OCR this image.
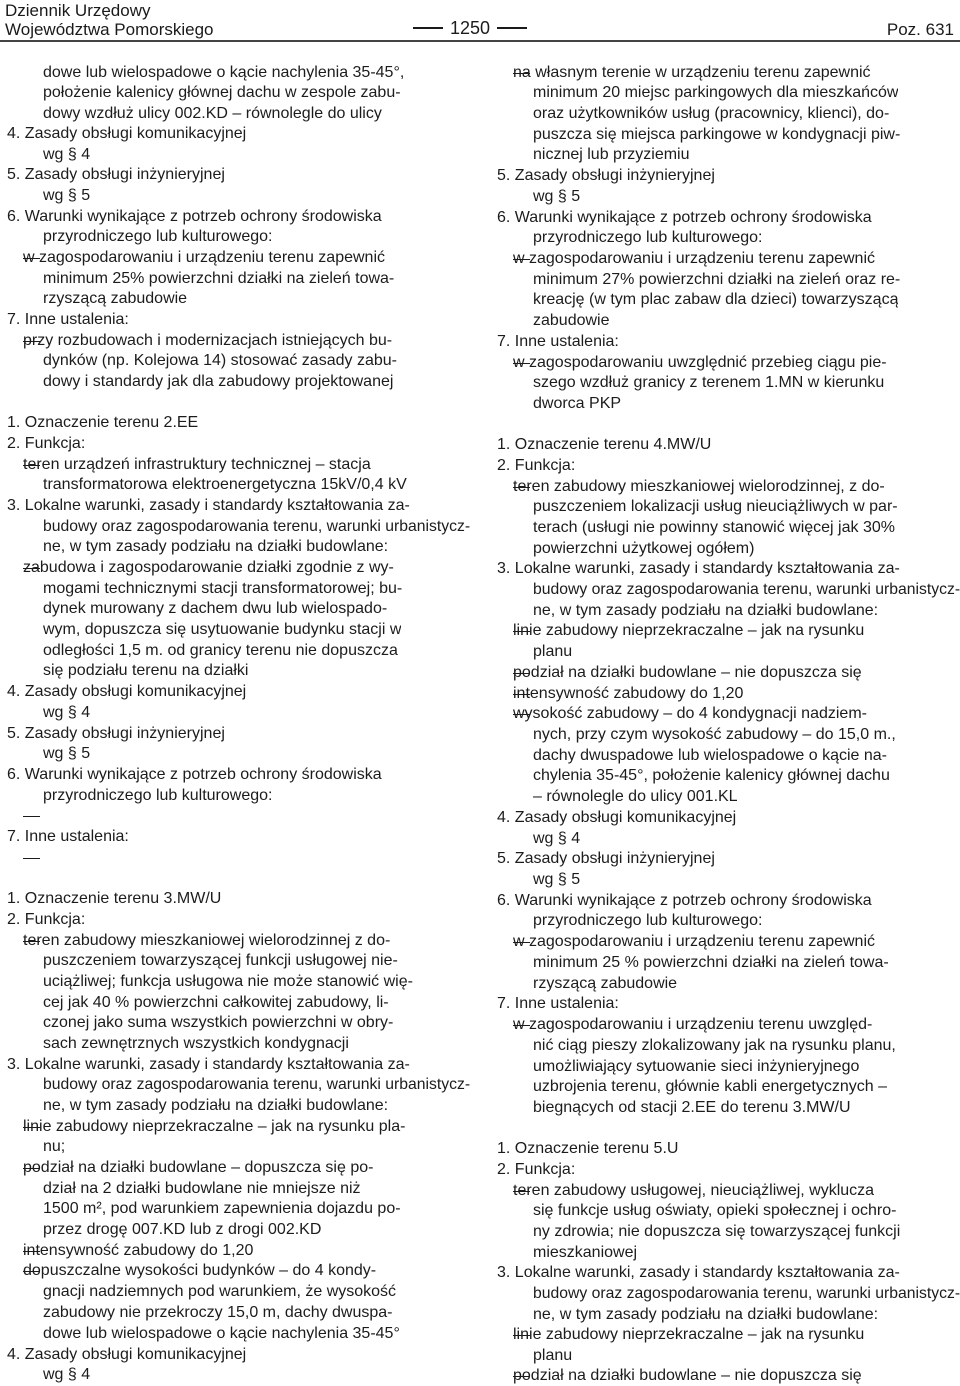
Dziennik Urzędowy
Województwa Pomorskiego	1250	Poz. 631
dowe lub wielospadowe o kącie nachylenia 35-45°,
położenie kalenicy głównej dachu w zespole zabu-
dowy wzdłuż ulicy 002.KD – równolegle do ulicy
4. Zasady obsługi komunikacyjnej
wg § 4
5. Zasady obsługi inżynieryjnej
wg § 5
6. Warunki wynikające z potrzeb ochrony środowiska
przyrodniczego lub kulturowego:
w zagospodarowaniu i urządzeniu terenu zapewnić
minimum 25% powierzchni działki na zieleń towa-
rzyszącą zabudowie
7. Inne ustalenia:
przy rozbudowach i modernizacjach istniejących bu-
dynków (np. Kolejowa 14) stosować zasady zabu-
dowy i standardy jak dla zabudowy projektowanej
1. Oznaczenie terenu 2.EE
2. Funkcja:
teren urządzeń infrastruktury technicznej – stacja
transformatorowa elektroenergetyczna 15kV/0,4 kV
3. Lokalne warunki, zasady i standardy kształtowania za-
budowy oraz zagospodarowania terenu, warunki urbanistycz-
ne, w tym zasady podziału na działki budowlane:
zabudowa i zagospodarowanie działki zgodnie z wy-
mogami technicznymi stacji transformatorowej; bu-
dynek murowany z dachem dwu lub wielospado-
wym, dopuszcza się usytuowanie budynku stacji w
odległości 1,5 m. od granicy terenu nie dopuszcza
się podziału terenu na działki
4. Zasady obsługi komunikacyjnej
wg § 4
5. Zasady obsługi inżynieryjnej
wg § 5
6. Warunki wynikające z potrzeb ochrony środowiska
przyrodniczego lub kulturowego:
7. Inne ustalenia:
1. Oznaczenie terenu 3.MW/U
2. Funkcja:
teren zabudowy mieszkaniowej wielorodzinnej z do-
puszczeniem towarzyszącej funkcji usługowej nie-
uciążliwej; funkcja usługowa nie może stanowić wię-
cej jak 40 % powierzchni całkowitej zabudowy, li-
czonej jako suma wszystkich powierzchni w obry-
sach zewnętrznych wszystkich kondygnacji
3. Lokalne warunki, zasady i standardy kształtowania za-
budowy oraz zagospodarowania terenu, warunki urbanistycz-
ne, w tym zasady podziału na działki budowlane:
linie zabudowy nieprzekraczalne – jak na rysunku pla-
nu;
podział na działki budowlane – dopuszcza się po-
dział na 2 działki budowlane nie mniejsze niż
1500 m², pod warunkiem zapewnienia dojazdu po-
przez drogę 007.KD lub z drogi 002.KD
intensywność zabudowy do 1,20
dopuszczalne wysokości budynków – do 4 kondy-
gnacji nadziemnych pod warunkiem, że wysokość
zabudowy nie przekroczy 15,0 m, dachy dwuspa-
dowe lub wielospadowe o kącie nachylenia 35-45°
4. Zasady obsługi komunikacyjnej
wg § 4
na własnym terenie w urządzeniu terenu zapewnić
minimum 20 miejsc parkingowych dla mieszkańców
oraz użytkowników usług (pracownicy, klienci), do-
puszcza się miejsca parkingowe w kondygnacji piw-
nicznej lub przyziemiu
5. Zasady obsługi inżynieryjnej
wg § 5
6. Warunki wynikające z potrzeb ochrony środowiska
przyrodniczego lub kulturowego:
w zagospodarowaniu i urządzeniu terenu zapewnić
minimum 27% powierzchni działki na zieleń oraz re-
kreację (w tym plac zabaw dla dzieci) towarzyszącą
zabudowie
7. Inne ustalenia:
w zagospodarowaniu uwzględnić przebieg ciągu pie-
szego wzdłuż granicy z terenem 1.MN w kierunku
dworca PKP
1. Oznaczenie terenu 4.MW/U
2. Funkcja:
teren zabudowy mieszkaniowej wielorodzinnej, z do-
puszczeniem lokalizacji usług nieuciążliwych w par-
terach (usługi nie powinny stanowić więcej jak 30%
powierzchni użytkowej ogółem)
3. Lokalne warunki, zasady i standardy kształtowania za-
budowy oraz zagospodarowania terenu, warunki urbanistycz-
ne, w tym zasady podziału na działki budowlane:
linie zabudowy nieprzekraczalne – jak na rysunku
planu
podział na działki budowlane – nie dopuszcza się
intensywność zabudowy do 1,20
wysokość zabudowy – do 4 kondygnacji nadziem-
nych, przy czym wysokość zabudowy – do 15,0 m.,
dachy dwuspadowe lub wielospadowe o kącie na-
chylenia 35-45°, położenie kalenicy głównej dachu
– równolegle do ulicy 001.KL
4. Zasady obsługi komunikacyjnej
wg § 4
5. Zasady obsługi inżynieryjnej
wg § 5
6. Warunki wynikające z potrzeb ochrony środowiska
przyrodniczego lub kulturowego:
w zagospodarowaniu i urządzeniu terenu zapewnić
minimum 25 % powierzchni działki na zieleń towa-
rzyszącą zabudowie
7. Inne ustalenia:
w zagospodarowaniu i urządzeniu terenu uwzględ-
nić ciąg pieszy zlokalizowany jak na rysunku planu,
umożliwiający sytuowanie sieci inżynieryjnego
uzbrojenia terenu, głównie kabli energetycznych –
biegnących od stacji 2.EE do terenu 3.MW/U
1. Oznaczenie terenu 5.U
2. Funkcja:
teren zabudowy usługowej, nieuciążliwej, wyklucza
się funkcje usług oświaty, opieki społecznej i ochro-
ny zdrowia; nie dopuszcza się towarzyszącej funkcji
mieszkaniowej
3. Lokalne warunki, zasady i standardy kształtowania za-
budowy oraz zagospodarowania terenu, warunki urbanistycz-
ne, w tym zasady podziału na działki budowlane:
linie zabudowy nieprzekraczalne – jak na rysunku
planu
podział na działki budowlane – nie dopuszcza się
